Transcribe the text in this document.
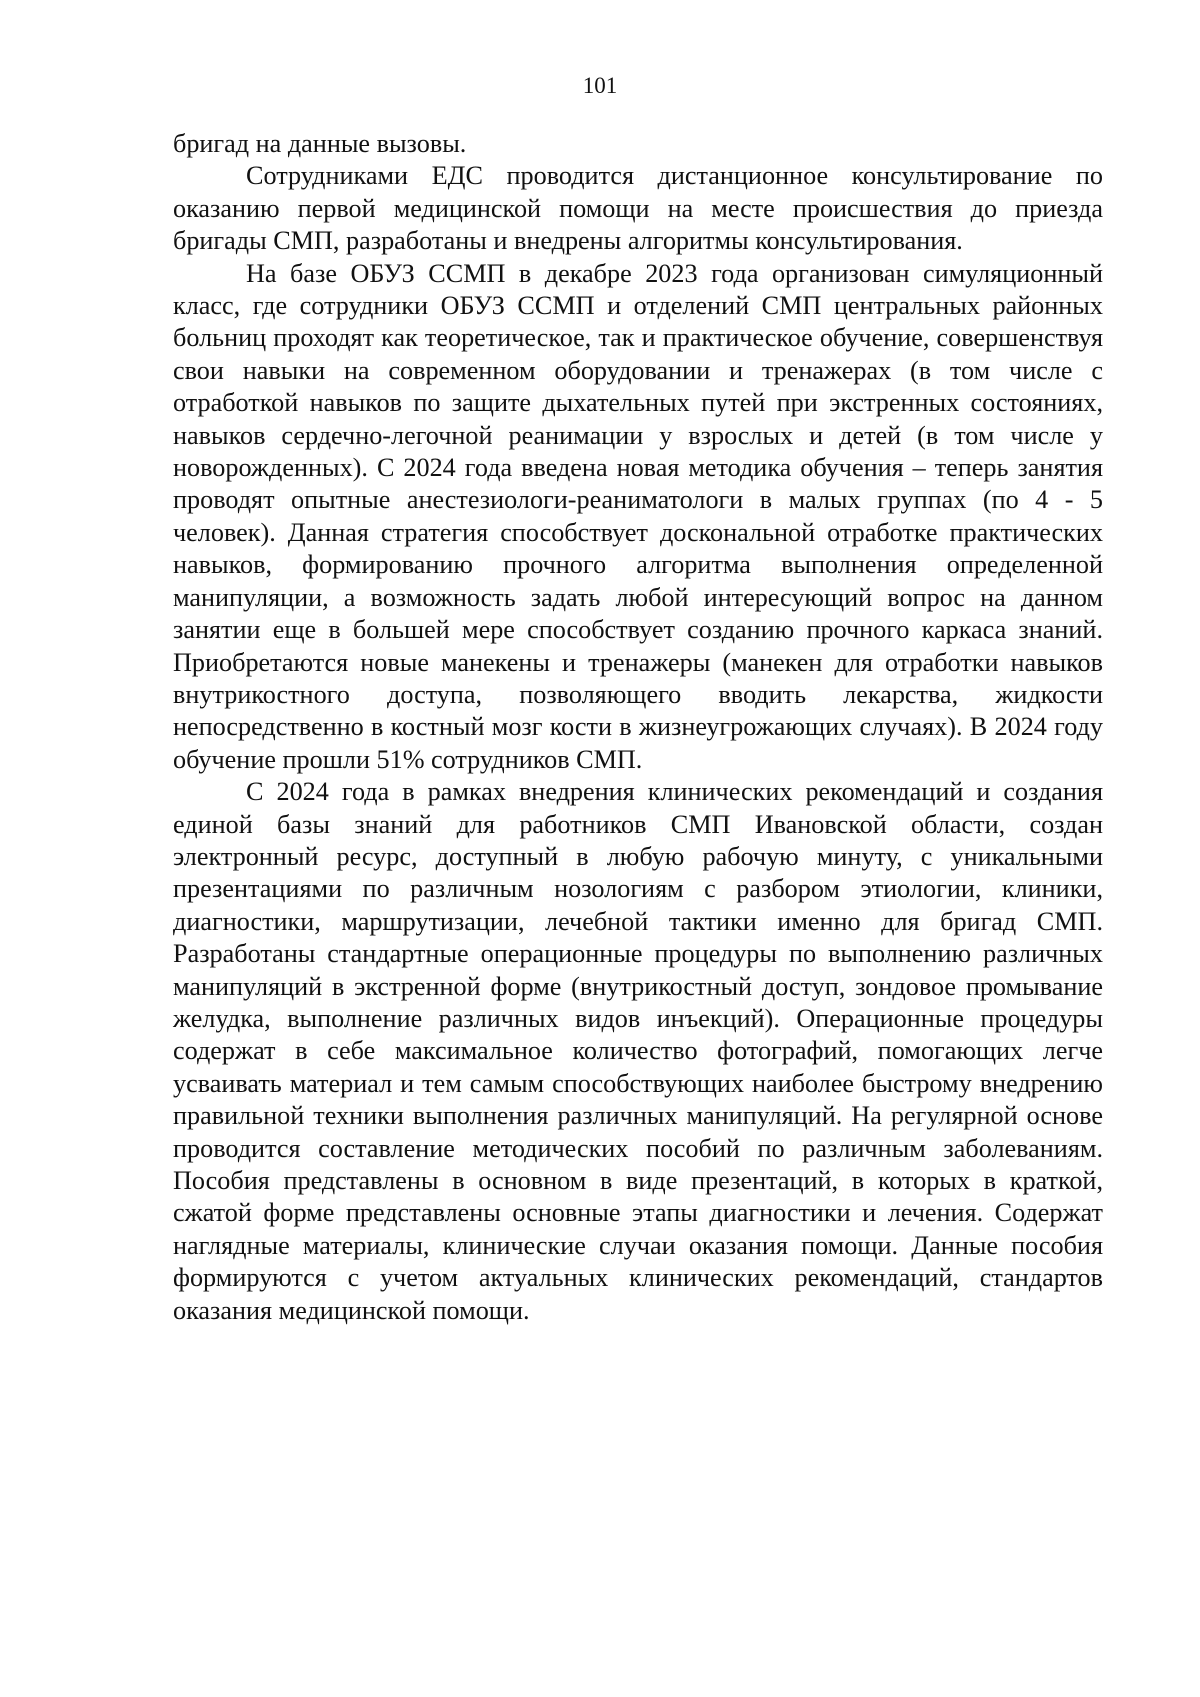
101

бригад на данные вызовы.

Сотрудниками ЕДС проводится дистанционное консультирование по оказанию первой медицинской помощи на месте происшествия до приезда бригады СМП, разработаны и внедрены алгоритмы консультирования.

На базе ОБУЗ ССМП в декабре 2023 года организован симуляционный класс, где сотрудники ОБУЗ ССМП и отделений СМП центральных районных больниц проходят как теоретическое, так и практическое обучение, совершенствуя свои навыки на современном оборудовании и тренажерах (в том числе с отработкой навыков по защите дыхательных путей при экстренных состояниях, навыков сердечно-легочной реанимации у взрослых и детей (в том числе у новорожденных). С 2024 года введена новая методика обучения – теперь занятия проводят опытные анестезиологи-реаниматологи в малых группах (по 4 - 5 человек). Данная стратегия способствует доскональной отработке практических навыков, формированию прочного алгоритма выполнения определенной манипуляции, а возможность задать любой интересующий вопрос на данном занятии еще в большей мере способствует созданию прочного каркаса знаний. Приобретаются новые манекены и тренажеры (манекен для отработки навыков внутрикостного доступа, позволяющего вводить лекарства, жидкости непосредственно в костный мозг кости в жизнеугрожающих случаях). В 2024 году обучение прошли 51% сотрудников СМП.

С 2024 года в рамках внедрения клинических рекомендаций и создания единой базы знаний для работников СМП Ивановской области, создан электронный ресурс, доступный в любую рабочую минуту, с уникальными презентациями по различным нозологиям с разбором этиологии, клиники, диагностики, маршрутизации, лечебной тактики именно для бригад СМП. Разработаны стандартные операционные процедуры по выполнению различных манипуляций в экстренной форме (внутрикостный доступ, зондовое промывание желудка, выполнение различных видов инъекций). Операционные процедуры содержат в себе максимальное количество фотографий, помогающих легче усваивать материал и тем самым способствующих наиболее быстрому внедрению правильной техники выполнения различных манипуляций. На регулярной основе проводится составление методических пособий по различным заболеваниям. Пособия представлены в основном в виде презентаций, в которых в краткой, сжатой форме представлены основные этапы диагностики и лечения. Содержат наглядные материалы, клинические случаи оказания помощи. Данные пособия формируются с учетом актуальных клинических рекомендаций, стандартов оказания медицинской помощи.
